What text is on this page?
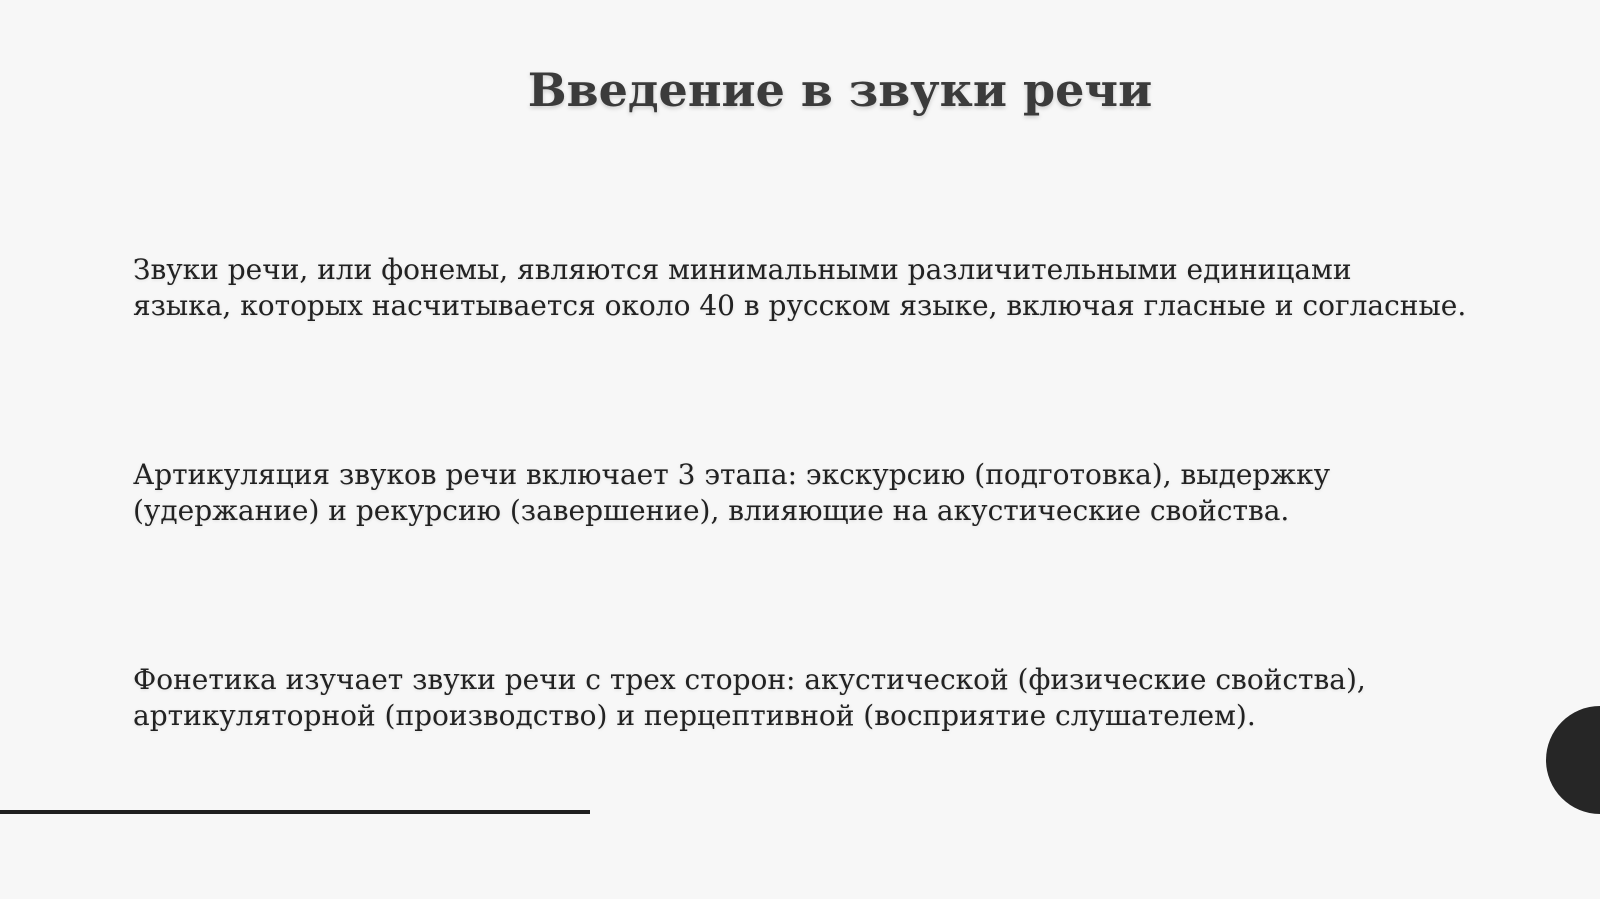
Введение в звуки речи
Звуки речи, или фонемы, являются минимальными различительными единицами
языка, которых насчитывается около 40 в русском языке, включая гласные и согласные.
Артикуляция звуков речи включает 3 этапа: экскурсию (подготовка), выдержку
(удержание) и рекурсию (завершение), влияющие на акустические свойства.
Фонетика изучает звуки речи с трех сторон: акустической (физические свойства),
артикуляторной (производство) и перцептивной (восприятие слушателем).
